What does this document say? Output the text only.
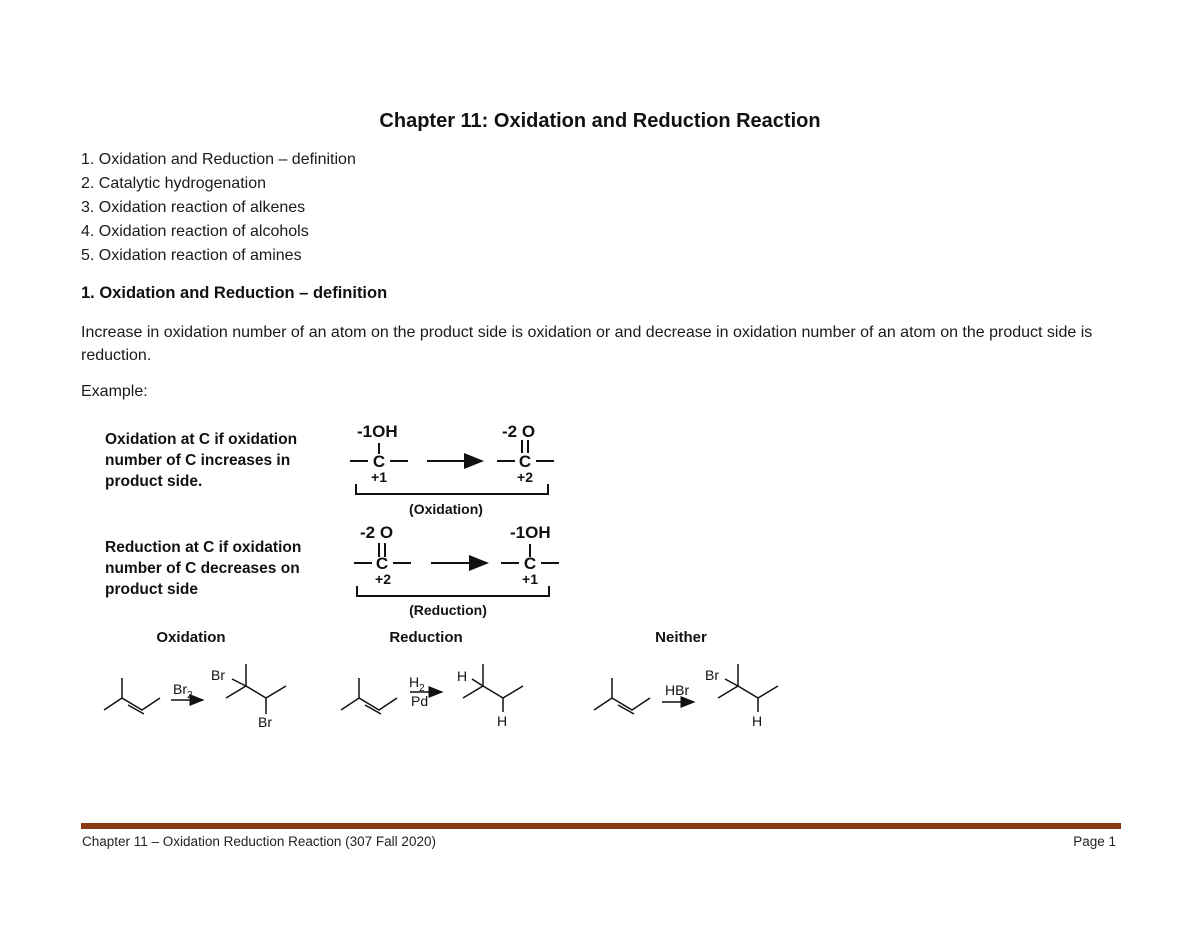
Chapter 11: Oxidation and Reduction Reaction
1. Oxidation and Reduction – definition
2. Catalytic hydrogenation
3. Oxidation reaction of alkenes
4. Oxidation reaction of alcohols
5. Oxidation reaction of amines
1. Oxidation and Reduction – definition
Increase in oxidation number of an atom on the product side is oxidation or and decrease in oxidation number of an atom on the product side is reduction.
Example:
Oxidation at C if oxidation
number of C increases in
product side.
Reduction at C if oxidation
number of C decreases on
product side
-1OH
C
+1
-2 O
C
+2
(Oxidation)
-2 O
C
+2
-1OH
C
+1
(Reduction)
Oxidation	Reduction	Neither
$Br_2$
Br
Br
$H_2$
Pd
H
H
HBr
Br
H
Chapter 11 – Oxidation Reduction Reaction (307 Fall 2020)	Page 1
